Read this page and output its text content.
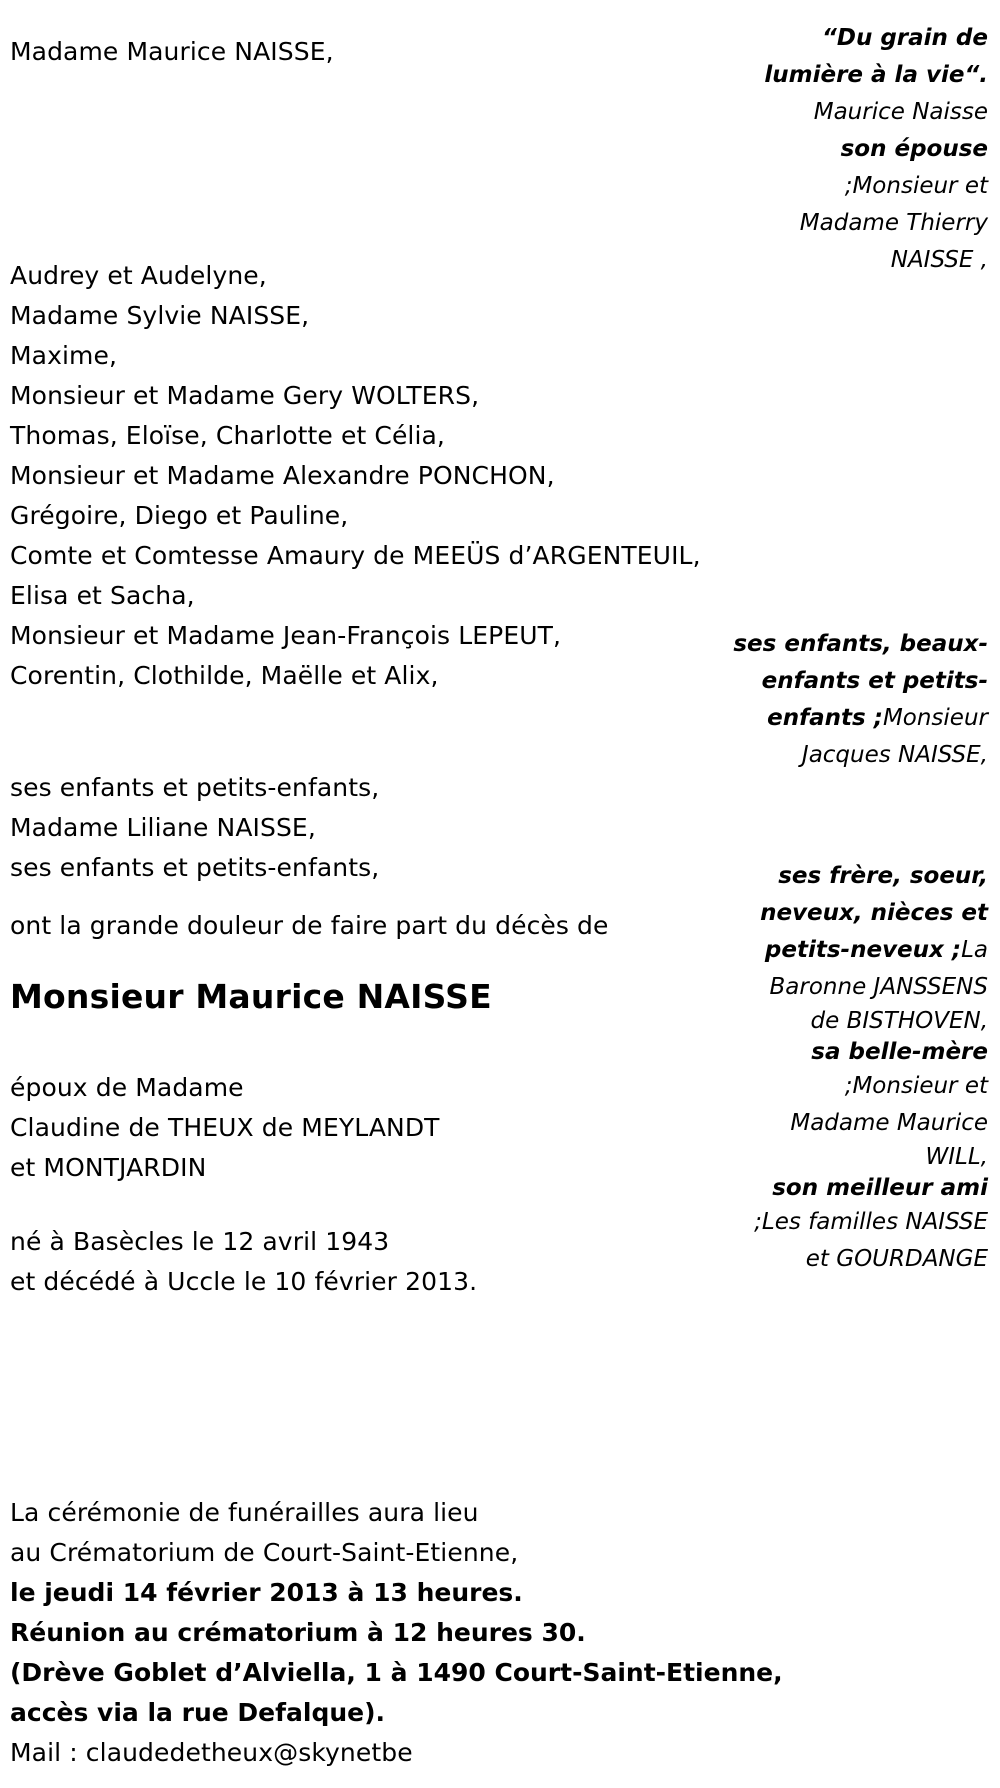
“Du grain de
lumière à la vie“.
Maurice Naisse
son épouse
;Monsieur et
Madame Thierry
NAISSE ,
ses enfants, beaux-
enfants et petits-
enfants ;Monsieur
Jacques NAISSE,
ses frère, soeur,
neveux, nièces et
petits-neveux ;La
Baronne JANSSENS
de BISTHOVEN,
sa belle-mère
;Monsieur et
Madame Maurice
WILL,
son meilleur ami
;Les familles NAISSE
et GOURDANGE
Madame Maurice NAISSE,
Audrey et Audelyne,
Madame Sylvie NAISSE,
Maxime,
Monsieur et Madame Gery WOLTERS,
Thomas, Eloïse, Charlotte et Célia,
Monsieur et Madame Alexandre PONCHON,
Grégoire, Diego et Pauline,
Comte et Comtesse Amaury de MEEÜS d’ARGENTEUIL,
Elisa et Sacha,
Monsieur et Madame Jean-François LEPEUT,
Corentin, Clothilde, Maëlle et Alix,
ses enfants et petits-enfants,
Madame Liliane NAISSE,
ses enfants et petits-enfants,
ont la grande douleur de faire part du décès de
Monsieur Maurice NAISSE
époux de Madame
Claudine de THEUX de MEYLANDT
et MONTJARDIN
né à Basècles le 12 avril 1943
et décédé à Uccle le 10 février 2013.
La cérémonie de funérailles aura lieu
au Crématorium de Court-Saint-Etienne,
le jeudi 14 février 2013 à 13 heures.
Réunion au crématorium à 12 heures 30.
(Drève Goblet d’Alviella, 1 à 1490 Court-Saint-Etienne,
accès via la rue Defalque).
Mail : claudedetheux@skynetbe
